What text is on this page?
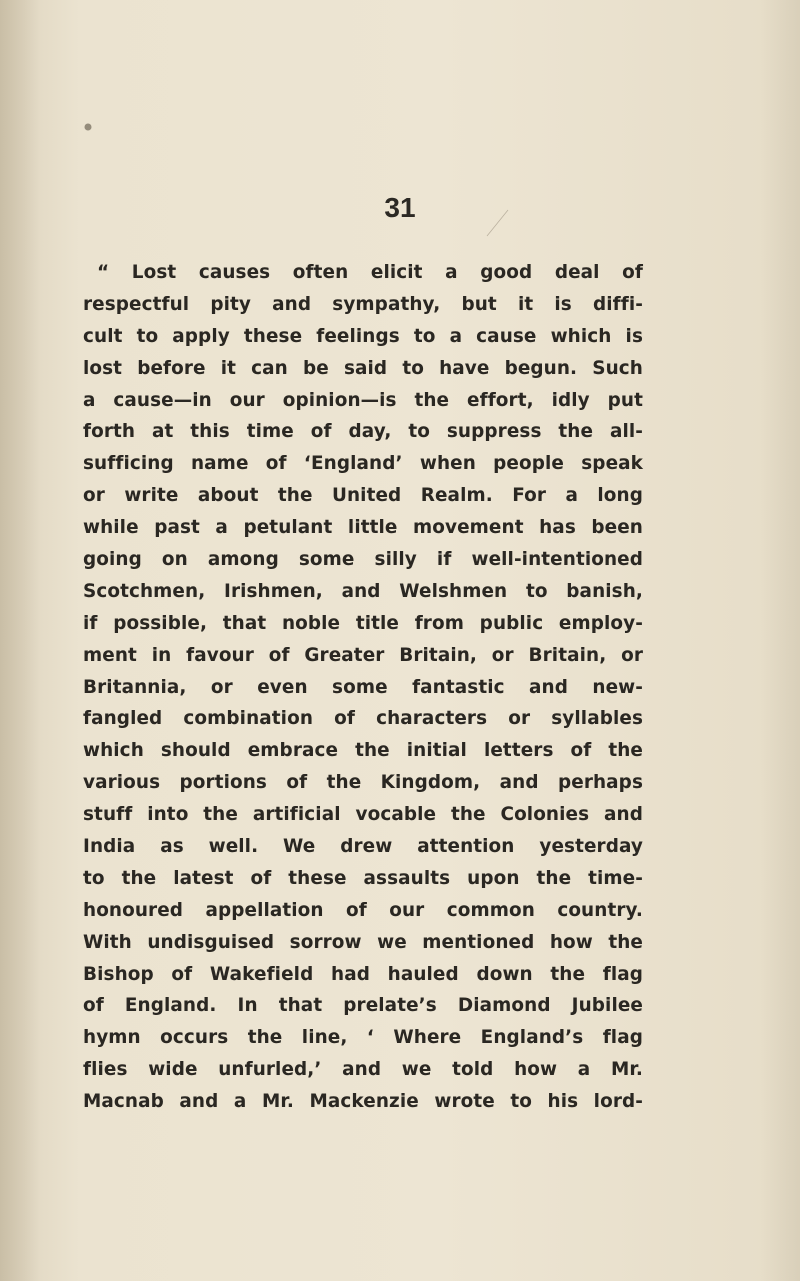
31
“ Lost causes often elicit a good deal of
respectful pity and sympathy, but it is diffi-
cult to apply these feelings to a cause which is
lost before it can be said to have begun. Such
a cause—in our opinion—is the effort, idly put
forth at this time of day, to suppress the all-
sufficing name of ‘England’ when people speak
or write about the United Realm. For a long
while past a petulant little movement has been
going on among some silly if well-intentioned
Scotchmen, Irishmen, and Welshmen to banish,
if possible, that noble title from public employ-
ment in favour of Greater Britain, or Britain, or
Britannia, or even some fantastic and new-
fangled combination of characters or syllables
which should embrace the initial letters of the
various portions of the Kingdom, and perhaps
stuff into the artificial vocable the Colonies and
India as well. We drew attention yesterday
to the latest of these assaults upon the time-
honoured appellation of our common country.
With undisguised sorrow we mentioned how the
Bishop of Wakefield had hauled down the flag
of England. In that prelate’s Diamond Jubilee
hymn occurs the line, ‘ Where England’s flag
flies wide unfurled,’ and we told how a Mr.
Macnab and a Mr. Mackenzie wrote to his lord-
